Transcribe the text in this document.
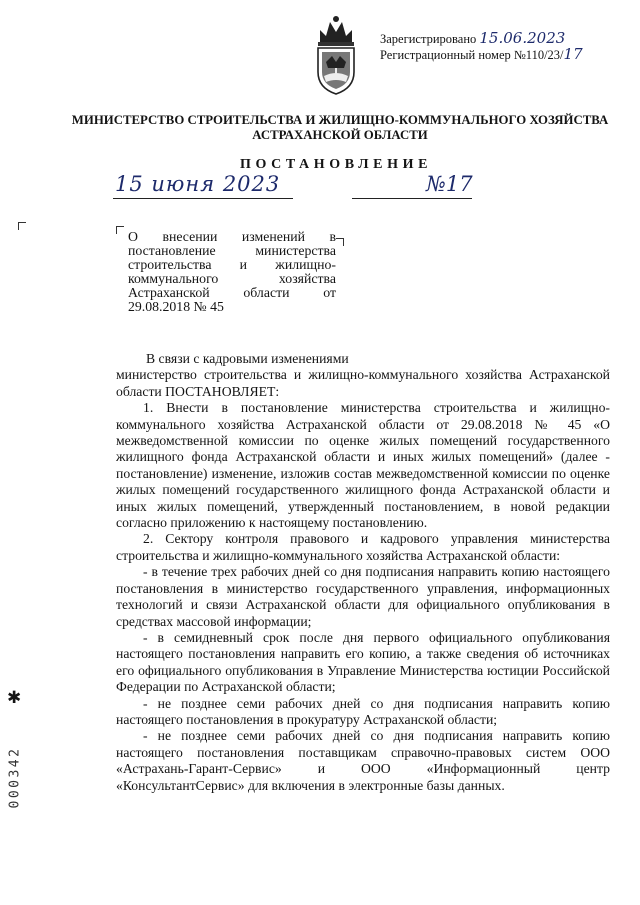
Зарегистрировано 15.06.2023
Регистрационный номер №110/23/17
МИНИСТЕРСТВО СТРОИТЕЛЬСТВА И ЖИЛИЩНО-КОММУНАЛЬНОГО ХОЗЯЙСТВА
АСТРАХАНСКОЙ ОБЛАСТИ
ПОСТАНОВЛЕНИЕ
15 июня 2023	№17
О внесении изменений в
постановление министерства
строительства и жилищно-
коммунального хозяйства
Астраханской области от
29.08.2018 № 45

В связи с кадровыми изменениями

министерство строительства и жилищно-коммунального хозяйства Астраханской области ПОСТАНОВЛЯЕТ:

1. Внести в постановление министерства строительства и жилищно-коммунального хозяйства Астраханской области от 29.08.2018 № 45 «О межведомственной комиссии по оценке жилых помещений государственного жилищного фонда Астраханской области и иных жилых помещений» (далее - постановление) изменение, изложив состав межведомственной комиссии по оценке жилых помещений государственного жилищного фонда Астраханской области и иных жилых помещений, утвержденный постановлением, в новой редакции согласно приложению к настоящему постановлению.

2. Сектору контроля правового и кадрового управления министерства строительства и жилищно-коммунального хозяйства Астраханской области:

- в течение трех рабочих дней со дня подписания направить копию настоящего постановления в министерство государственного управления, информационных технологий и связи Астраханской области для официального опубликования в средствах массовой информации;

- в семидневный срок после дня первого официального опубликования настоящего постановления направить его копию, а также сведения об источниках его официального опубликования в Управление Министерства юстиции Российской Федерации по Астраханской области;

- не позднее семи рабочих дней со дня подписания направить копию настоящего постановления в прокуратуру Астраханской области;

- не позднее семи рабочих дней со дня подписания направить копию настоящего постановления поставщикам справочно-правовых систем ООО «Астрахань-Гарант-Сервис» и ООО «Информационный центр «КонсультантСервис» для включения в электронные базы данных.

✱
000342
